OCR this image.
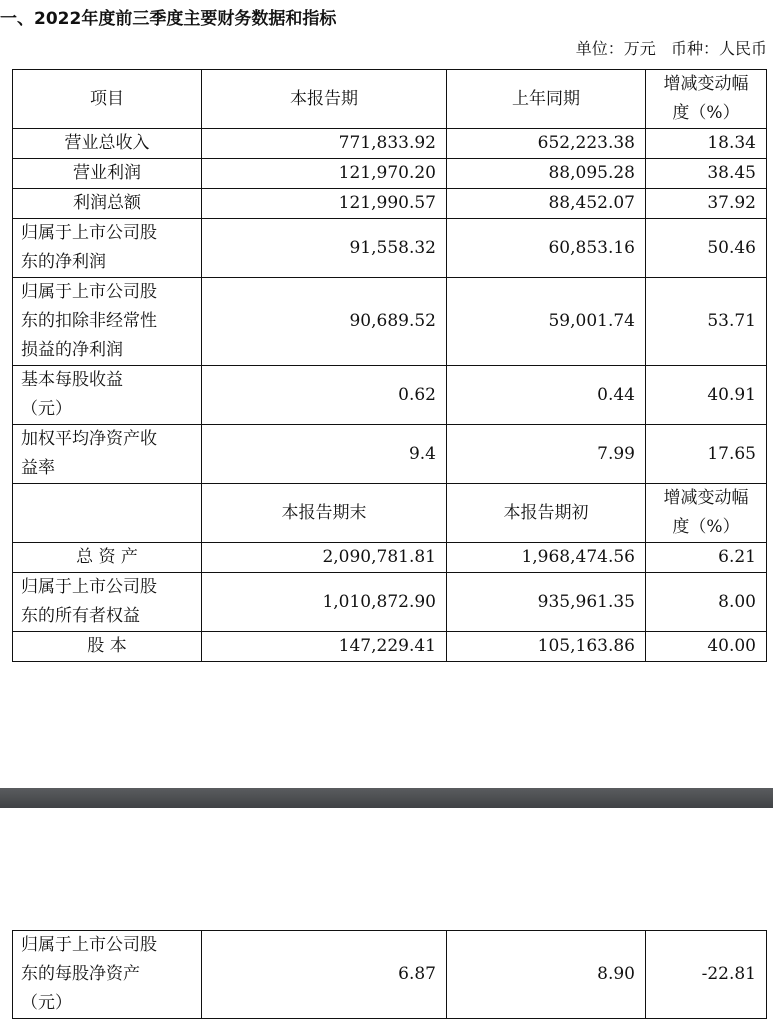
一、2022年度前三季度主要财务数据和指标
单位：万元   币种：人民币
项目	本报告期	上年同期	增减变动幅
度（%）

营业总收入	771,833.92	652,223.38	18.34

营业利润	121,970.20	88,095.28	38.45

利润总额	121,990.57	88,452.07	37.92

归属于上市公司股
东的净利润	91,558.32	60,853.16	50.46

归属于上市公司股
东的扣除非经常性
损益的净利润	90,689.52	59,001.74	53.71

基本每股收益
（元）	0.62	0.44	40.91

加权平均净资产收
益率	9.4	7.99	17.65
	本报告期末	本报告期初	增减变动幅
度（%）

总 资 产	2,090,781.81	1,968,474.56	6.21

归属于上市公司股
东的所有者权益	1,010,872.90	935,961.35	8.00

股 本	147,229.41	105,163.86	40.00
归属于上市公司股
东的每股净资产
（元）
	6.87	8.90	-22.81
